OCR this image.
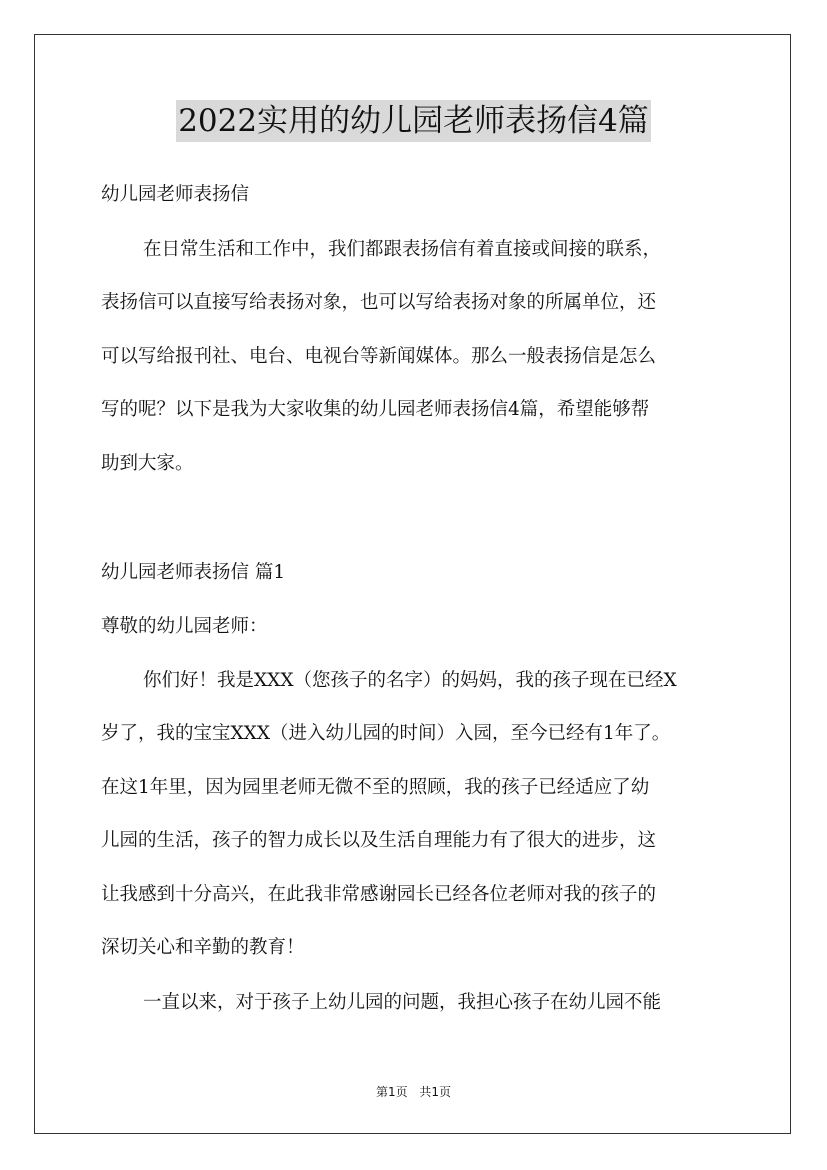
2022实用的幼儿园老师表扬信4篇
幼儿园老师表扬信
在日常生活和工作中，我们都跟表扬信有着直接或间接的联系，
表扬信可以直接写给表扬对象，也可以写给表扬对象的所属单位，还
可以写给报刊社、电台、电视台等新闻媒体。那么一般表扬信是怎么
写的呢？以下是我为大家收集的幼儿园老师表扬信4篇，希望能够帮
助到大家。
幼儿园老师表扬信 篇1
尊敬的幼儿园老师：
你们好！我是XXX（您孩子的名字）的妈妈，我的孩子现在已经X
岁了，我的宝宝XXX（进入幼儿园的时间）入园，至今已经有1年了。
在这1年里，因为园里老师无微不至的照顾，我的孩子已经适应了幼
儿园的生活，孩子的智力成长以及生活自理能力有了很大的进步，这
让我感到十分高兴，在此我非常感谢园长已经各位老师对我的孩子的
深切关心和辛勤的教育！
一直以来，对于孩子上幼儿园的问题，我担心孩子在幼儿园不能
第1页 共1页
